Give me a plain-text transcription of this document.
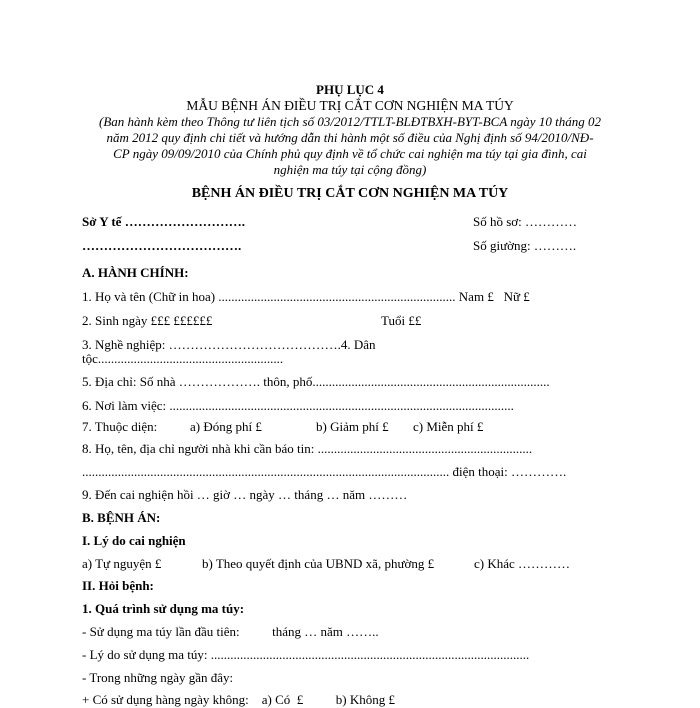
PHỤ LỤC 4
MẪU BỆNH ÁN ĐIỀU TRỊ CẮT CƠN NGHIỆN MA TÚY
(Ban hành kèm theo Thông tư liên tịch số 03/2012/TTLT-BLĐTBXH-BYT-BCA ngày 10 tháng 02
năm 2012 quy định chi tiết và hướng dẫn thi hành một số điều của Nghị định số 94/2010/NĐ-
CP ngày 09/09/2010 của Chính phủ quy định về tổ chức cai nghiện ma túy tại gia đình, cai
nghiện ma túy tại cộng đồng)
BỆNH ÁN ĐIỀU TRỊ CẮT CƠN NGHIỆN MA TÚY
Sở Y tế ……………………….	Số hồ sơ: …………
……………………………….	Số giường: ……….
A. HÀNH CHÍNH:
1. Họ và tên (Chữ in hoa) ......................................................................... Nam £   Nữ £
2. Sinh ngày £££ ££££££	Tuổi ££
3. Nghề nghiệp: ………………………………….4. Dân
tộc.........................................................
5. Địa chỉ: Số nhà ………………. thôn, phố.........................................................................
6. Nơi làm việc: ..........................................................................................................
7. Thuộc diện:	a) Đóng phí £	b) Giảm phí £ c) Miễn phí £
8. Họ, tên, địa chỉ người nhà khi cần báo tin: ..................................................................
................................................................................................................. điện thoại: ………….
9. Đến cai nghiện hồi … giờ … ngày … tháng … năm ………
B. BỆNH ÁN:
I. Lý do cai nghiện
a) Tự nguyện £	b) Theo quyết định của UBND xã, phường £	c) Khác …………
II. Hỏi bệnh:
1. Quá trình sử dụng ma túy:
- Sử dụng ma túy lần đầu tiên:          tháng … năm ……..
- Lý do sử dụng ma túy: ..................................................................................................
- Trong những ngày gần đây:
+ Có sử dụng hàng ngày không:    a) Có  £          b) Không £
